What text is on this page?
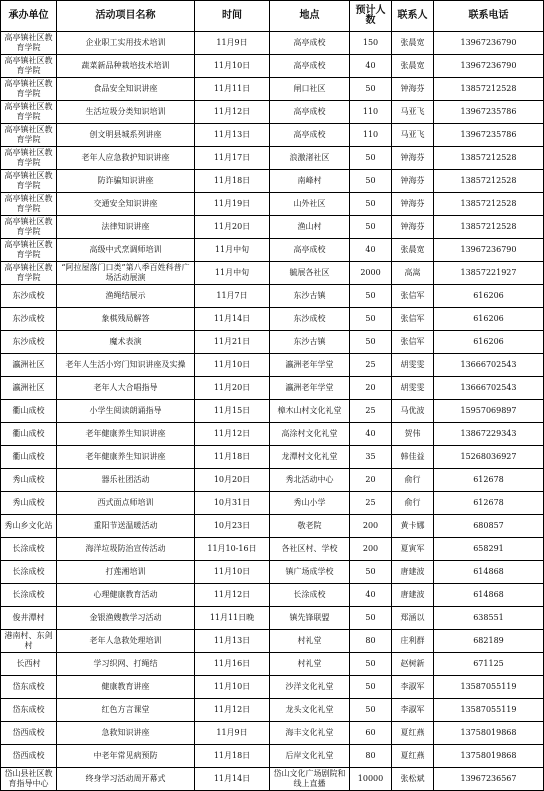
承办单位	活动项目名称	时间	地点	预计人数	联系人	联系电话
高亭镇社区教育学院	企业职工实用技术培训	11月9日	高亭成校	150	张晨宽	13967236790
高亭镇社区教育学院	蔬菜新品种栽培技术培训	11月10日	高亭成校	40	张晨宽	13967236790
高亭镇社区教育学院	食品安全知识讲座	11月11日	闸口社区	50	钟海芬	13857212528
高亭镇社区教育学院	生活垃圾分类知识培训	11月12日	高亭成校	110	马亚飞	13967235786
高亭镇社区教育学院	创文明县城系列讲座	11月13日	高亭成校	110	马亚飞	13967235786
高亭镇社区教育学院	老年人应急救护知识讲座	11月17日	浪激渚社区	50	钟海芬	13857212528
高亭镇社区教育学院	防诈骗知识讲座	11月18日	南峰村	50	钟海芬	13857212528
高亭镇社区教育学院	交通安全知识讲座	11月19日	山外社区	50	钟海芬	13857212528
高亭镇社区教育学院	法律知识讲座	11月20日	渔山村	50	钟海芬	13857212528
高亭镇社区教育学院	高级中式烹调师培训	11月中旬	高亭成校	40	张晨宽	13967236790
高亭镇社区教育学院	“阿拉屋落门口类”第八季百姓科普广场活动展演	11月中旬	毓展各社区	2000	高嵩	13857221927
东沙成校	渔绳结展示	11月7日	东沙古镇	50	张信军	616206
东沙成校	象棋残局解答	11月14日	东沙成校	50	张信军	616206
东沙成校	魔术表演	11月21日	东沙古镇	50	张信军	616206
瀛洲社区	老年人生活小窍门知识讲座及实操	11月10日	瀛洲老年学堂	25	胡雯雯	13666702543
瀛洲社区	老年人大合唱指导	11月20日	瀛洲老年学堂	20	胡雯雯	13666702543
衢山成校	小学生阅读朗诵指导	11月15日	樟木山村文化礼堂	25	马优波	15957069897
衢山成校	老年健康养生知识讲座	11月12日	高涂村文化礼堂	40	贺伟	13867229343
衢山成校	老年健康养生知识讲座	11月18日	龙潭村文化礼堂	35	韩佳益	15268036927
秀山成校	器乐社团活动	10月20日	秀北活动中心	20	俞行	612678
秀山成校	西式面点师培训	10月31日	秀山小学	25	俞行	612678
秀山乡文化站	重阳节送温暖活动	10月23日	敬老院	200	黄卡娜	680857
长涂成校	海洋垃圾防治宣传活动	11月10-16日	各社区村、学校	200	夏寅军	658291
长涂成校	打莲湘培训	11月10日	镇广场成学校	50	唐建波	614868
长涂成校	心理健康教育活动	11月12日	长涂成校	40	唐建波	614868
俊井潭村	金银渔嫂教学习活动	11月11日晚	镇先锋联盟	50	郑涵以	638551
港南村、东剑村	老年人急救处理培训	11月13日	村礼堂	80	庄利群	682189
长西村	学习织网、打绳结	11月16日	村礼堂	50	赵树新	671125
岱东成校	健康教育讲座	11月10日	沙洋文化礼堂	50	李淑军	13587055119
岱东成校	红色方言课堂	11月12日	龙头文化礼堂	50	李淑军	13587055119
岱西成校	急救知识讲座	11月9日	海丰文化礼堂	60	夏红燕	13758019868
岱西成校	中老年常见病预防	11月18日	后岸文化礼堂	80	夏红燕	13758019868
岱山县社区教育指导中心	终身学习活动周开幕式	11月14日	岱山文化广场剧院和线上直播	10000	张松斌	13967236567
